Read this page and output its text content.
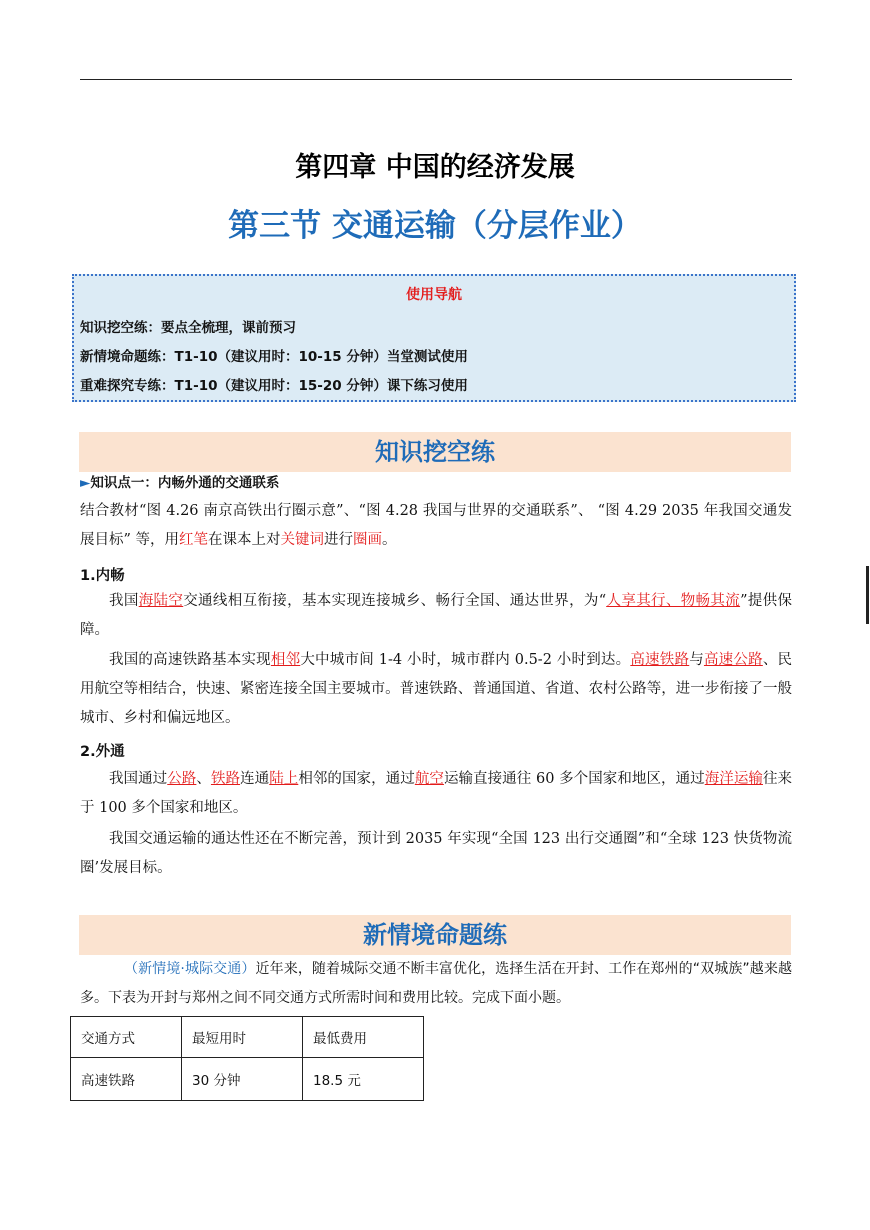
第四章 中国的经济发展
第三节 交通运输（分层作业）
使用导航
知识挖空练：要点全梳理，课前预习
新情境命题练：T1-10（建议用时：10-15 分钟）当堂测试使用
重难探究专练：T1-10（建议用时：15-20 分钟）课下练习使用
知识挖空练
►知识点一：内畅外通的交通联系
结合教材“图 4.26 南京高铁出行圈示意”、“图 4.28 我国与世界的交通联系”、 “图 4.29 2035 年我国交通发展目标” 等，用红笔在课本上对关键词进行圈画。
1.内畅
我国海陆空交通线相互衔接，基本实现连接城乡、畅行全国、通达世界，为“人享其行、物畅其流”提供保障。
我国的高速铁路基本实现相邻大中城市间 1-4 小时，城市群内 0.5-2 小时到达。高速铁路与高速公路、民用航空等相结合，快速、紧密连接全国主要城市。普速铁路、普通国道、省道、农村公路等，进一步衔接了一般城市、乡村和偏远地区。
2.外通
我国通过公路、铁路连通陆上相邻的国家，通过航空运输直接通往 60 多个国家和地区，通过海洋运输往来于 100 多个国家和地区。
我国交通运输的通达性还在不断完善，预计到 2035 年实现“全国 123 出行交通圈”和“全球 123 快货物流圈’发展目标。
新情境命题练
（新情境·城际交通）近年来，随着城际交通不断丰富优化，选择生活在开封、工作在郑州的“双城族”越来越多。下表为开封与郑州之间不同交通方式所需时间和费用比较。完成下面小题。
交通方式	最短用时	最低费用
高速铁路	30 分钟	18.5 元
